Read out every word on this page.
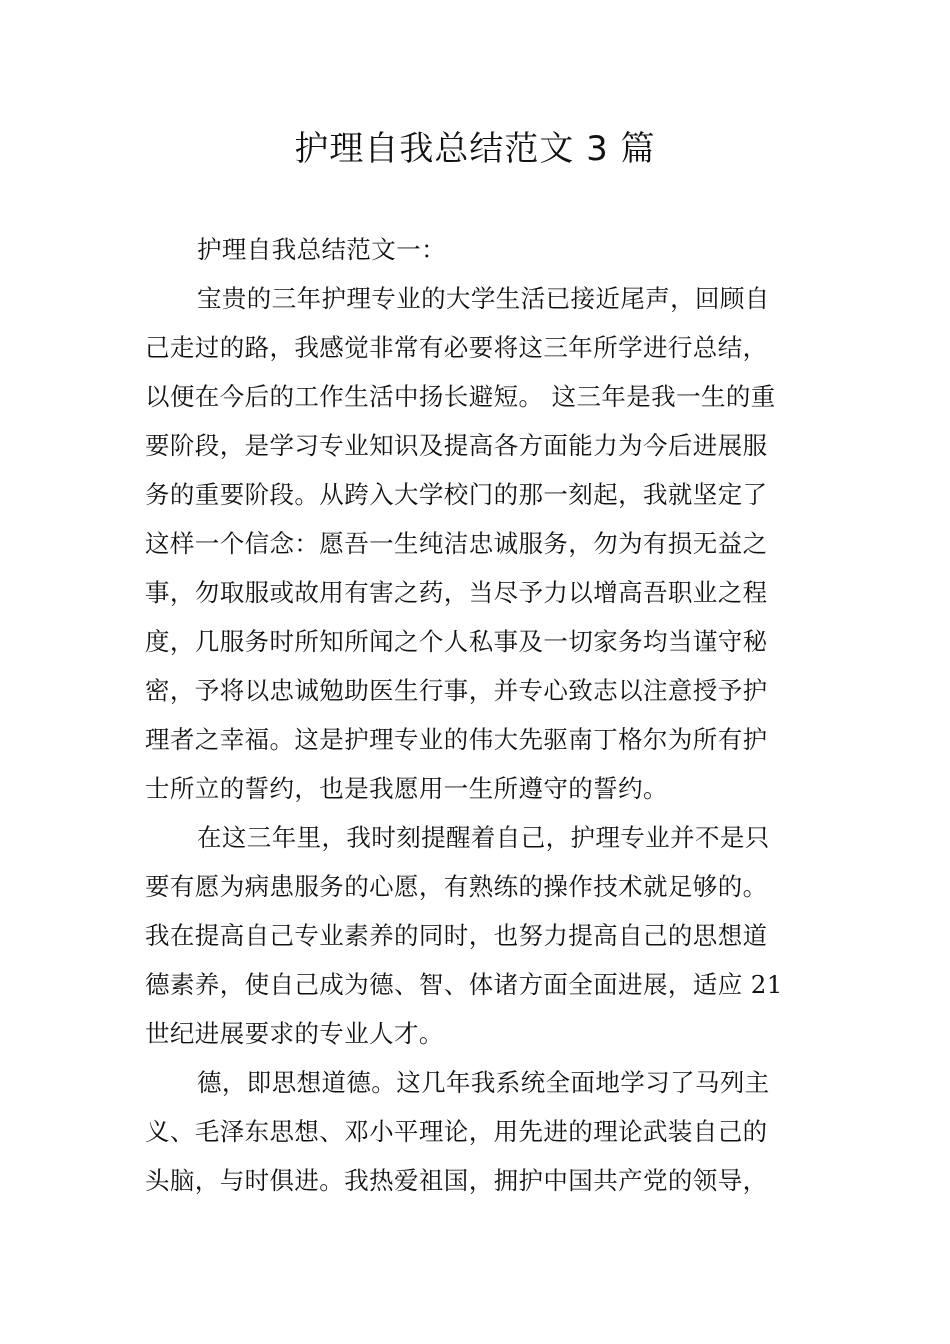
护理自我总结范文 3 篇
护理自我总结范文一：
宝贵的三年护理专业的大学生活已接近尾声，回顾自
己走过的路，我感觉非常有必要将这三年所学进行总结，
以便在今后的工作生活中扬长避短。 这三年是我一生的重
要阶段，是学习专业知识及提高各方面能力为今后进展服
务的重要阶段。从跨入大学校门的那一刻起，我就坚定了
这样一个信念：愿吾一生纯洁忠诚服务，勿为有损无益之
事，勿取服或故用有害之药，当尽予力以增高吾职业之程
度，几服务时所知所闻之个人私事及一切家务均当谨守秘
密，予将以忠诚勉助医生行事，并专心致志以注意授予护
理者之幸福。这是护理专业的伟大先驱南丁格尔为所有护
士所立的誓约，也是我愿用一生所遵守的誓约。
在这三年里，我时刻提醒着自己，护理专业并不是只
要有愿为病患服务的心愿，有熟练的操作技术就足够的。
我在提高自己专业素养的同时，也努力提高自己的思想道
德素养，使自己成为德、智、体诸方面全面进展，适应 21
世纪进展要求的专业人才。
德，即思想道德。这几年我系统全面地学习了马列主
义、毛泽东思想、邓小平理论，用先进的理论武装自己的
头脑，与时俱进。我热爱祖国，拥护中国共产党的领导，
